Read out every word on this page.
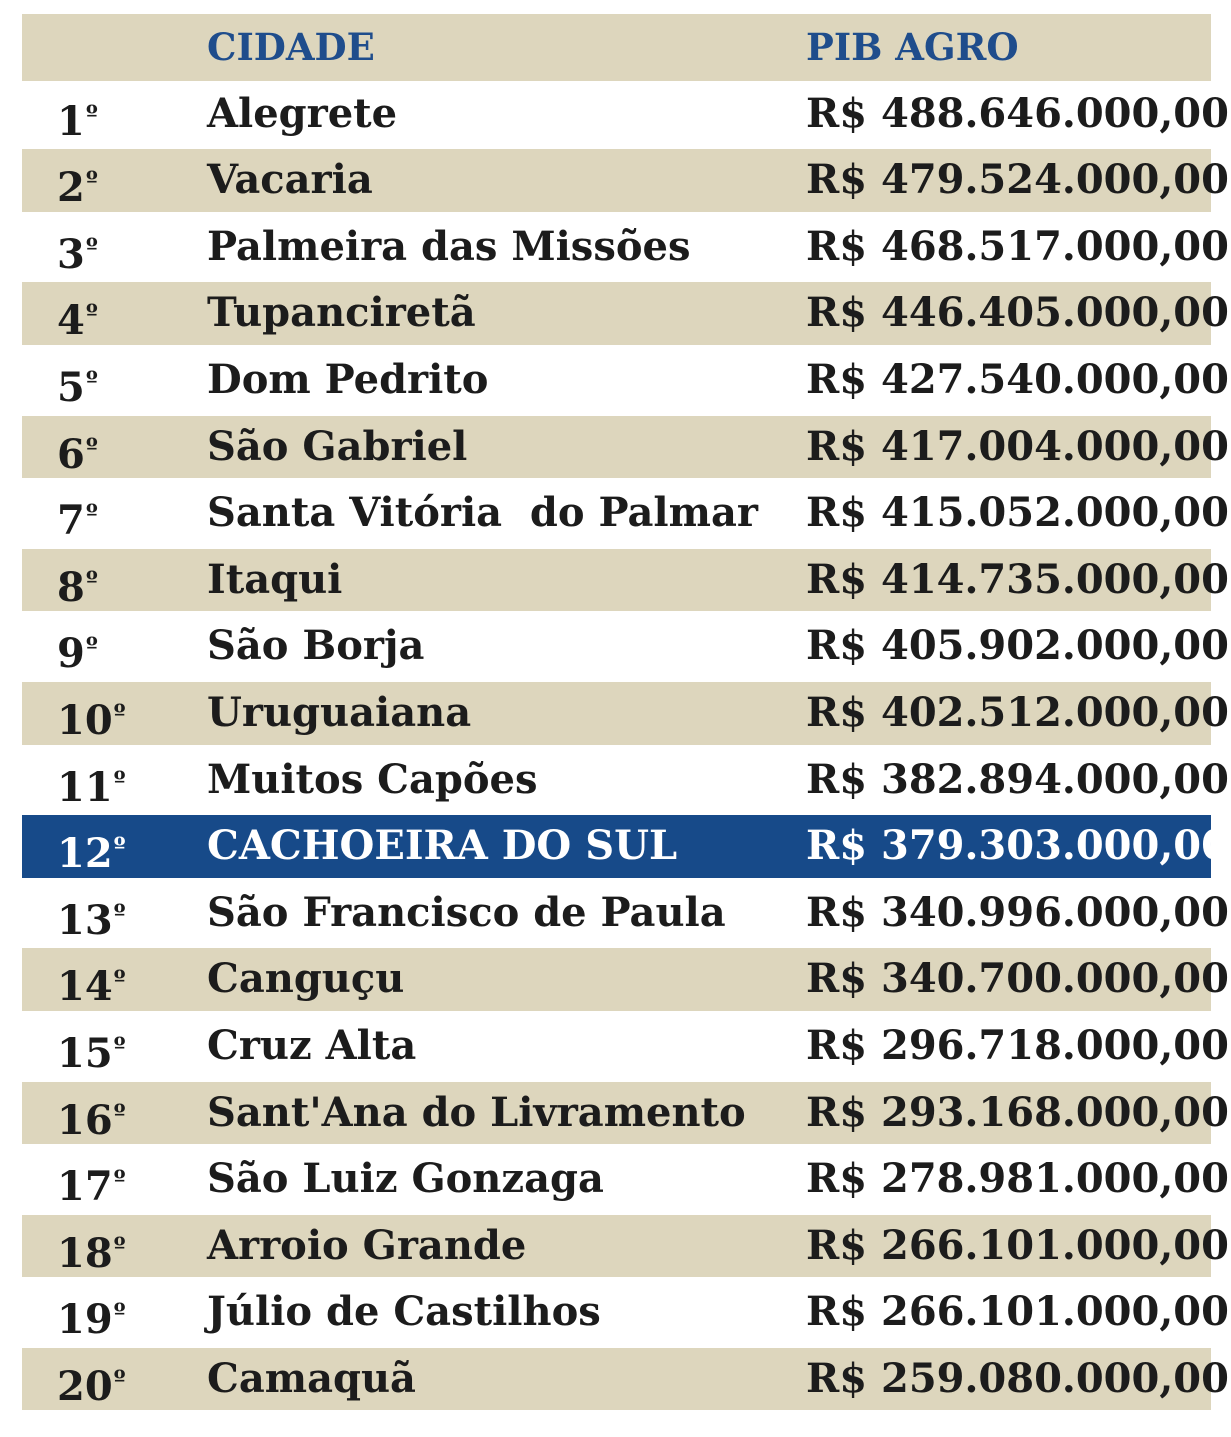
CIDADE	PIB AGRO
$1^º$	Alegrete	R$ 488.646.000,00
$2^º$	Vacaria	R$ 479.524.000,00
$3^º$	Palmeira das Missões	R$ 468.517.000,00
$4^º$	Tupanciretã	R$ 446.405.000,00
$5^º$	Dom Pedrito	R$ 427.540.000,00
$6^º$	São Gabriel	R$ 417.004.000,00
$7^º$	Santa Vitória  do Palmar R$ 415.052.000,00
$8^º$	Itaqui	R$ 414.735.000,00
$9^º$	São Borja	R$ 405.902.000,00
$10^º$ Uruguaiana	R$ 402.512.000,00
$11^º$ Muitos Capões	R$ 382.894.000,00
$12^º$ CACHOEIRA DO SUL	R$ 379.303.000,00
$13^º$ São Francisco de Paula R$ 340.996.000,00
$14^º$ Canguçu	R$ 340.700.000,00
$15^º$ Cruz Alta	R$ 296.718.000,00
$16^º$ Sant'Ana do Livramento R$ 293.168.000,00
$17^º$ São Luiz Gonzaga	R$ 278.981.000,00
$18^º$ Arroio Grande	R$ 266.101.000,00
$19^º$ Júlio de Castilhos	R$ 266.101.000,00
$20^º$ Camaquã	R$ 259.080.000,00
